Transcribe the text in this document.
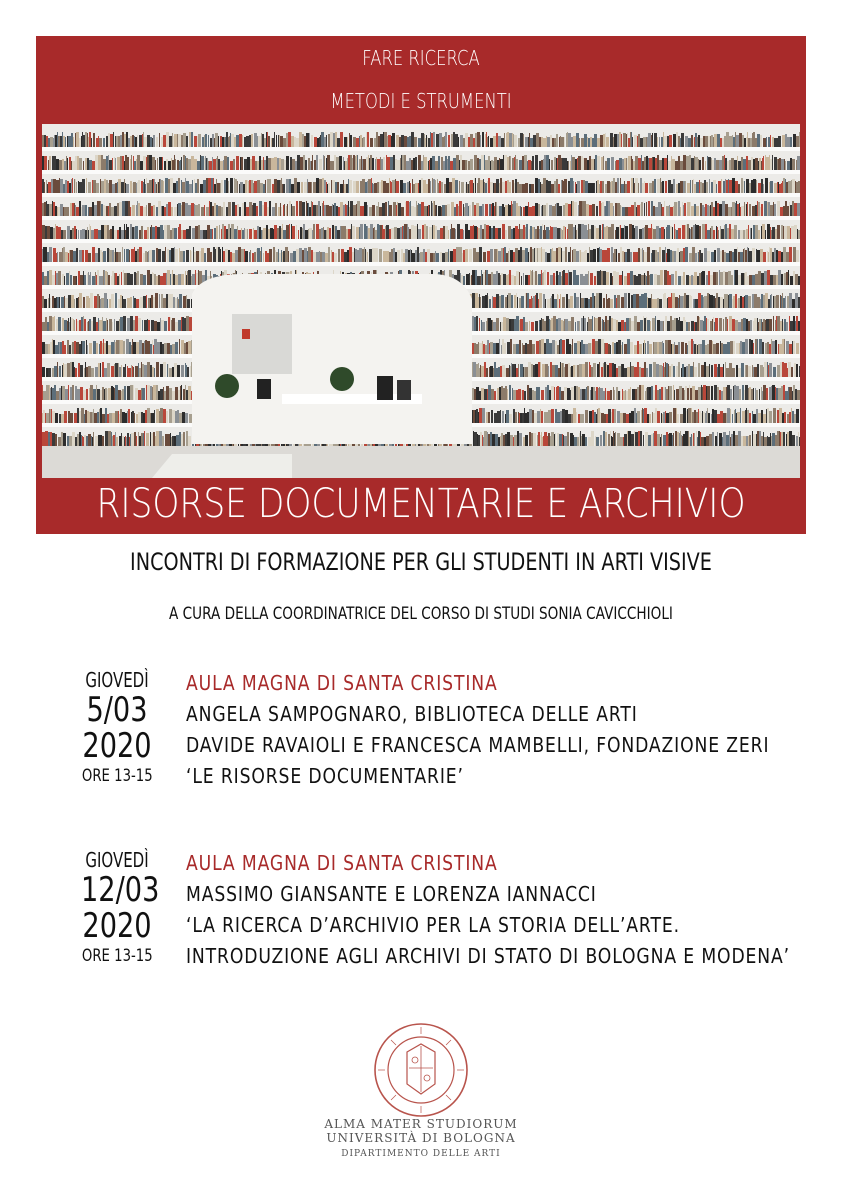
FARE RICERCA
METODI E STRUMENTI
RISORSE DOCUMENTARIE E ARCHIVIO
INCONTRI DI FORMAZIONE PER GLI STUDENTI IN ARTI VISIVE
A CURA DELLA COORDINATRICE DEL CORSO DI STUDI SONIA CAVICCHIOLI
GIOVEDÌ
5/03
2020
ORE 13-15
AULA MAGNA DI SANTA CRISTINA
ANGELA SAMPOGNARO, BIBLIOTECA DELLE ARTI
DAVIDE RAVAIOLI E FRANCESCA MAMBELLI, FONDAZIONE ZERI
‘LE RISORSE DOCUMENTARIE’
GIOVEDÌ
12/03
2020
ORE 13-15
AULA MAGNA DI SANTA CRISTINA
MASSIMO GIANSANTE E LORENZA IANNACCI
‘LA RICERCA D’ARCHIVIO PER LA STORIA DELL’ARTE.
INTRODUZIONE AGLI ARCHIVI DI STATO DI BOLOGNA E MODENA’
ALMA MATER STUDIORUM
UNIVERSITÀ DI BOLOGNA
DIPARTIMENTO DELLE ARTI
